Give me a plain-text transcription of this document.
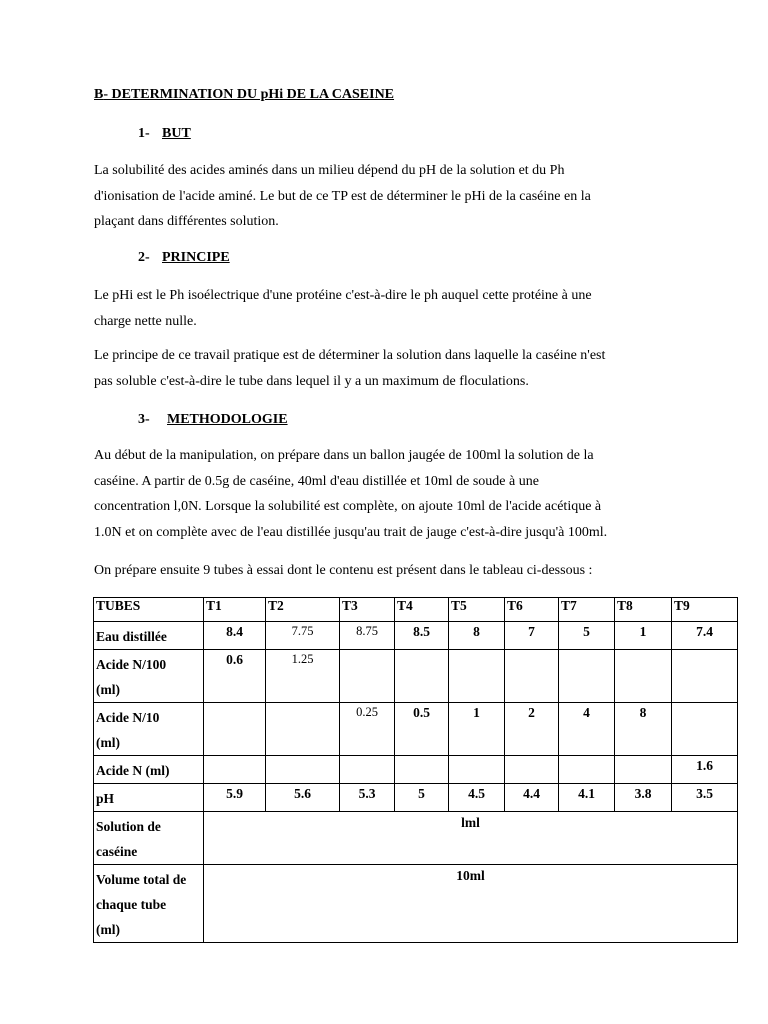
B- DETERMINATION DU pHi DE LA CASEINE
1- BUT
La solubilité des acides aminés dans un milieu dépend du pH de la solution et du Ph
d'ionisation de l'acide aminé. Le but de ce TP est de déterminer le pHi de la caséine en la
plaçant dans différentes solution.
2- PRINCIPE
Le pHi est le Ph isoélectrique d'une protéine c'est-à-dire le ph auquel cette protéine à une
charge nette nulle.
Le principe de ce travail pratique est de déterminer la solution dans laquelle la caséine n'est
pas soluble c'est-à-dire le tube dans lequel il y a un maximum de floculations.
3- METHODOLOGIE
Au début de la manipulation, on prépare dans un ballon jaugée de 100ml la solution de la
caséine. A partir de 0.5g de caséine, 40ml d'eau distillée et 10ml de soude à une
concentration l,0N. Lorsque la solubilité est complète, on ajoute 10ml de l'acide acétique à
1.0N et on complète avec de l'eau distillée jusqu'au trait de jauge c'est-à-dire jusqu'à 100ml.
On prépare ensuite 9 tubes à essai dont le contenu est présent dans le tableau ci-dessous :
TUBES	T1	T2	T3	T4	T5	T6	T7	T8	T9
Eau distillée	8.4	7.75	8.75	8.5	8	7	5	1	7.4

Acide N/100
(ml)	0.6	1.25							

Acide N/10
(ml)			0.25	0.5	1	2	4	8	
Acide N (ml)									1.6
pH	5.9	5.6	5.3	5	4.5	4.4	4.1	3.8	3.5

Solution de
caséine	lml								

Volume total de
chaque tube
(ml)	10ml								
